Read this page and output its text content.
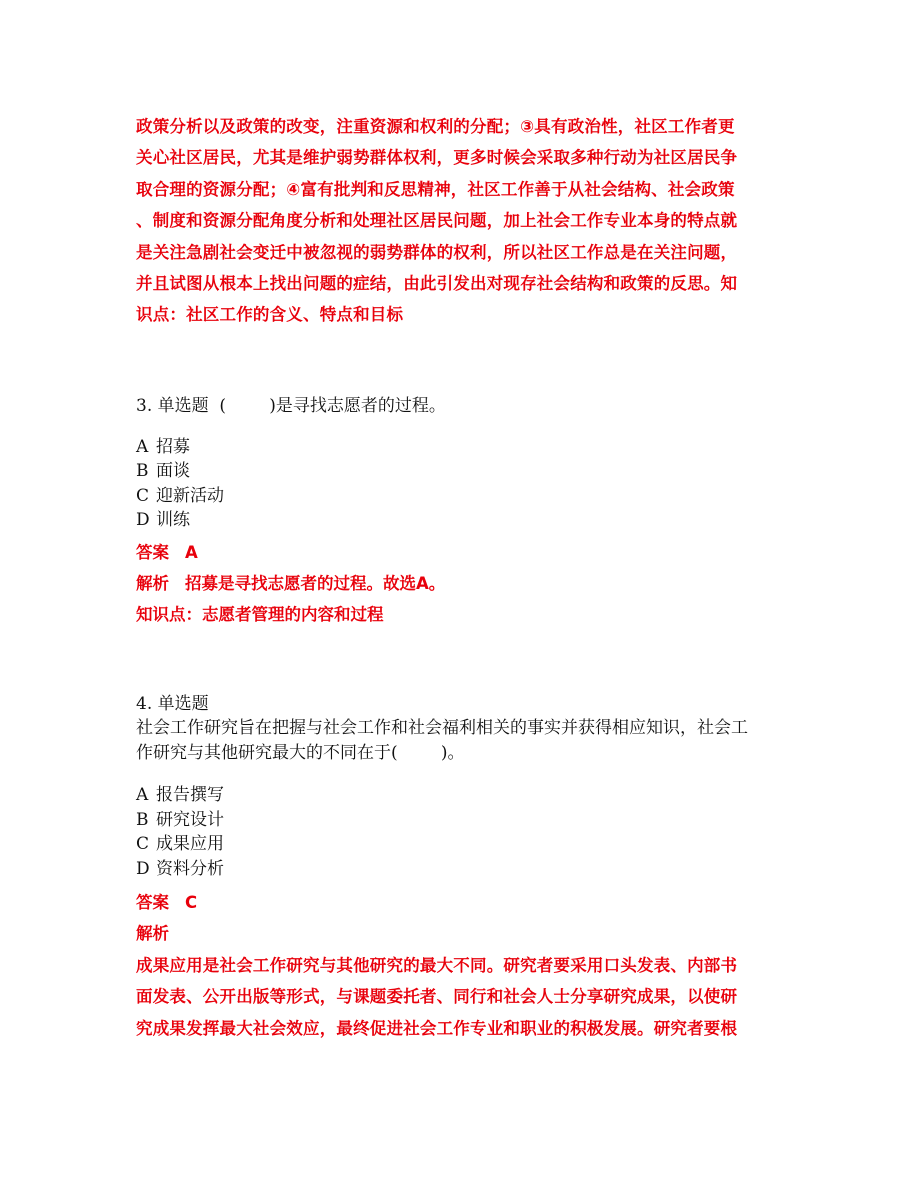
政策分析以及政策的改变，注重资源和权利的分配；③具有政治性，社区工作者更
关心社区居民，尤其是维护弱势群体权利，更多时候会采取多种行动为社区居民争
取合理的资源分配；④富有批判和反思精神，社区工作善于从社会结构、社会政策
、制度和资源分配角度分析和处理社区居民问题，加上社会工作专业本身的特点就
是关注急剧社会变迁中被忽视的弱势群体的权利，所以社区工作总是在关注问题，
并且试图从根本上找出问题的症结，由此引发出对现存社会结构和政策的反思。知
识点：社区工作的含义、特点和目标
3. 单选题  (        )是寻找志愿者的过程。
A 招募
B 面谈
C 迎新活动
D 训练
答案 A
解析 招募是寻找志愿者的过程。故选A。
知识点：志愿者管理的内容和过程
4. 单选题
社会工作研究旨在把握与社会工作和社会福利相关的事实并获得相应知识，社会工
作研究与其他研究最大的不同在于(        )。
A 报告撰写
B 研究设计
C 成果应用
D 资料分析
答案 C
解析
成果应用是社会工作研究与其他研究的最大不同。研究者要采用口头发表、内部书
面发表、公开出版等形式，与课题委托者、同行和社会人士分享研究成果，以使研
究成果发挥最大社会效应，最终促进社会工作专业和职业的积极发展。研究者要根
